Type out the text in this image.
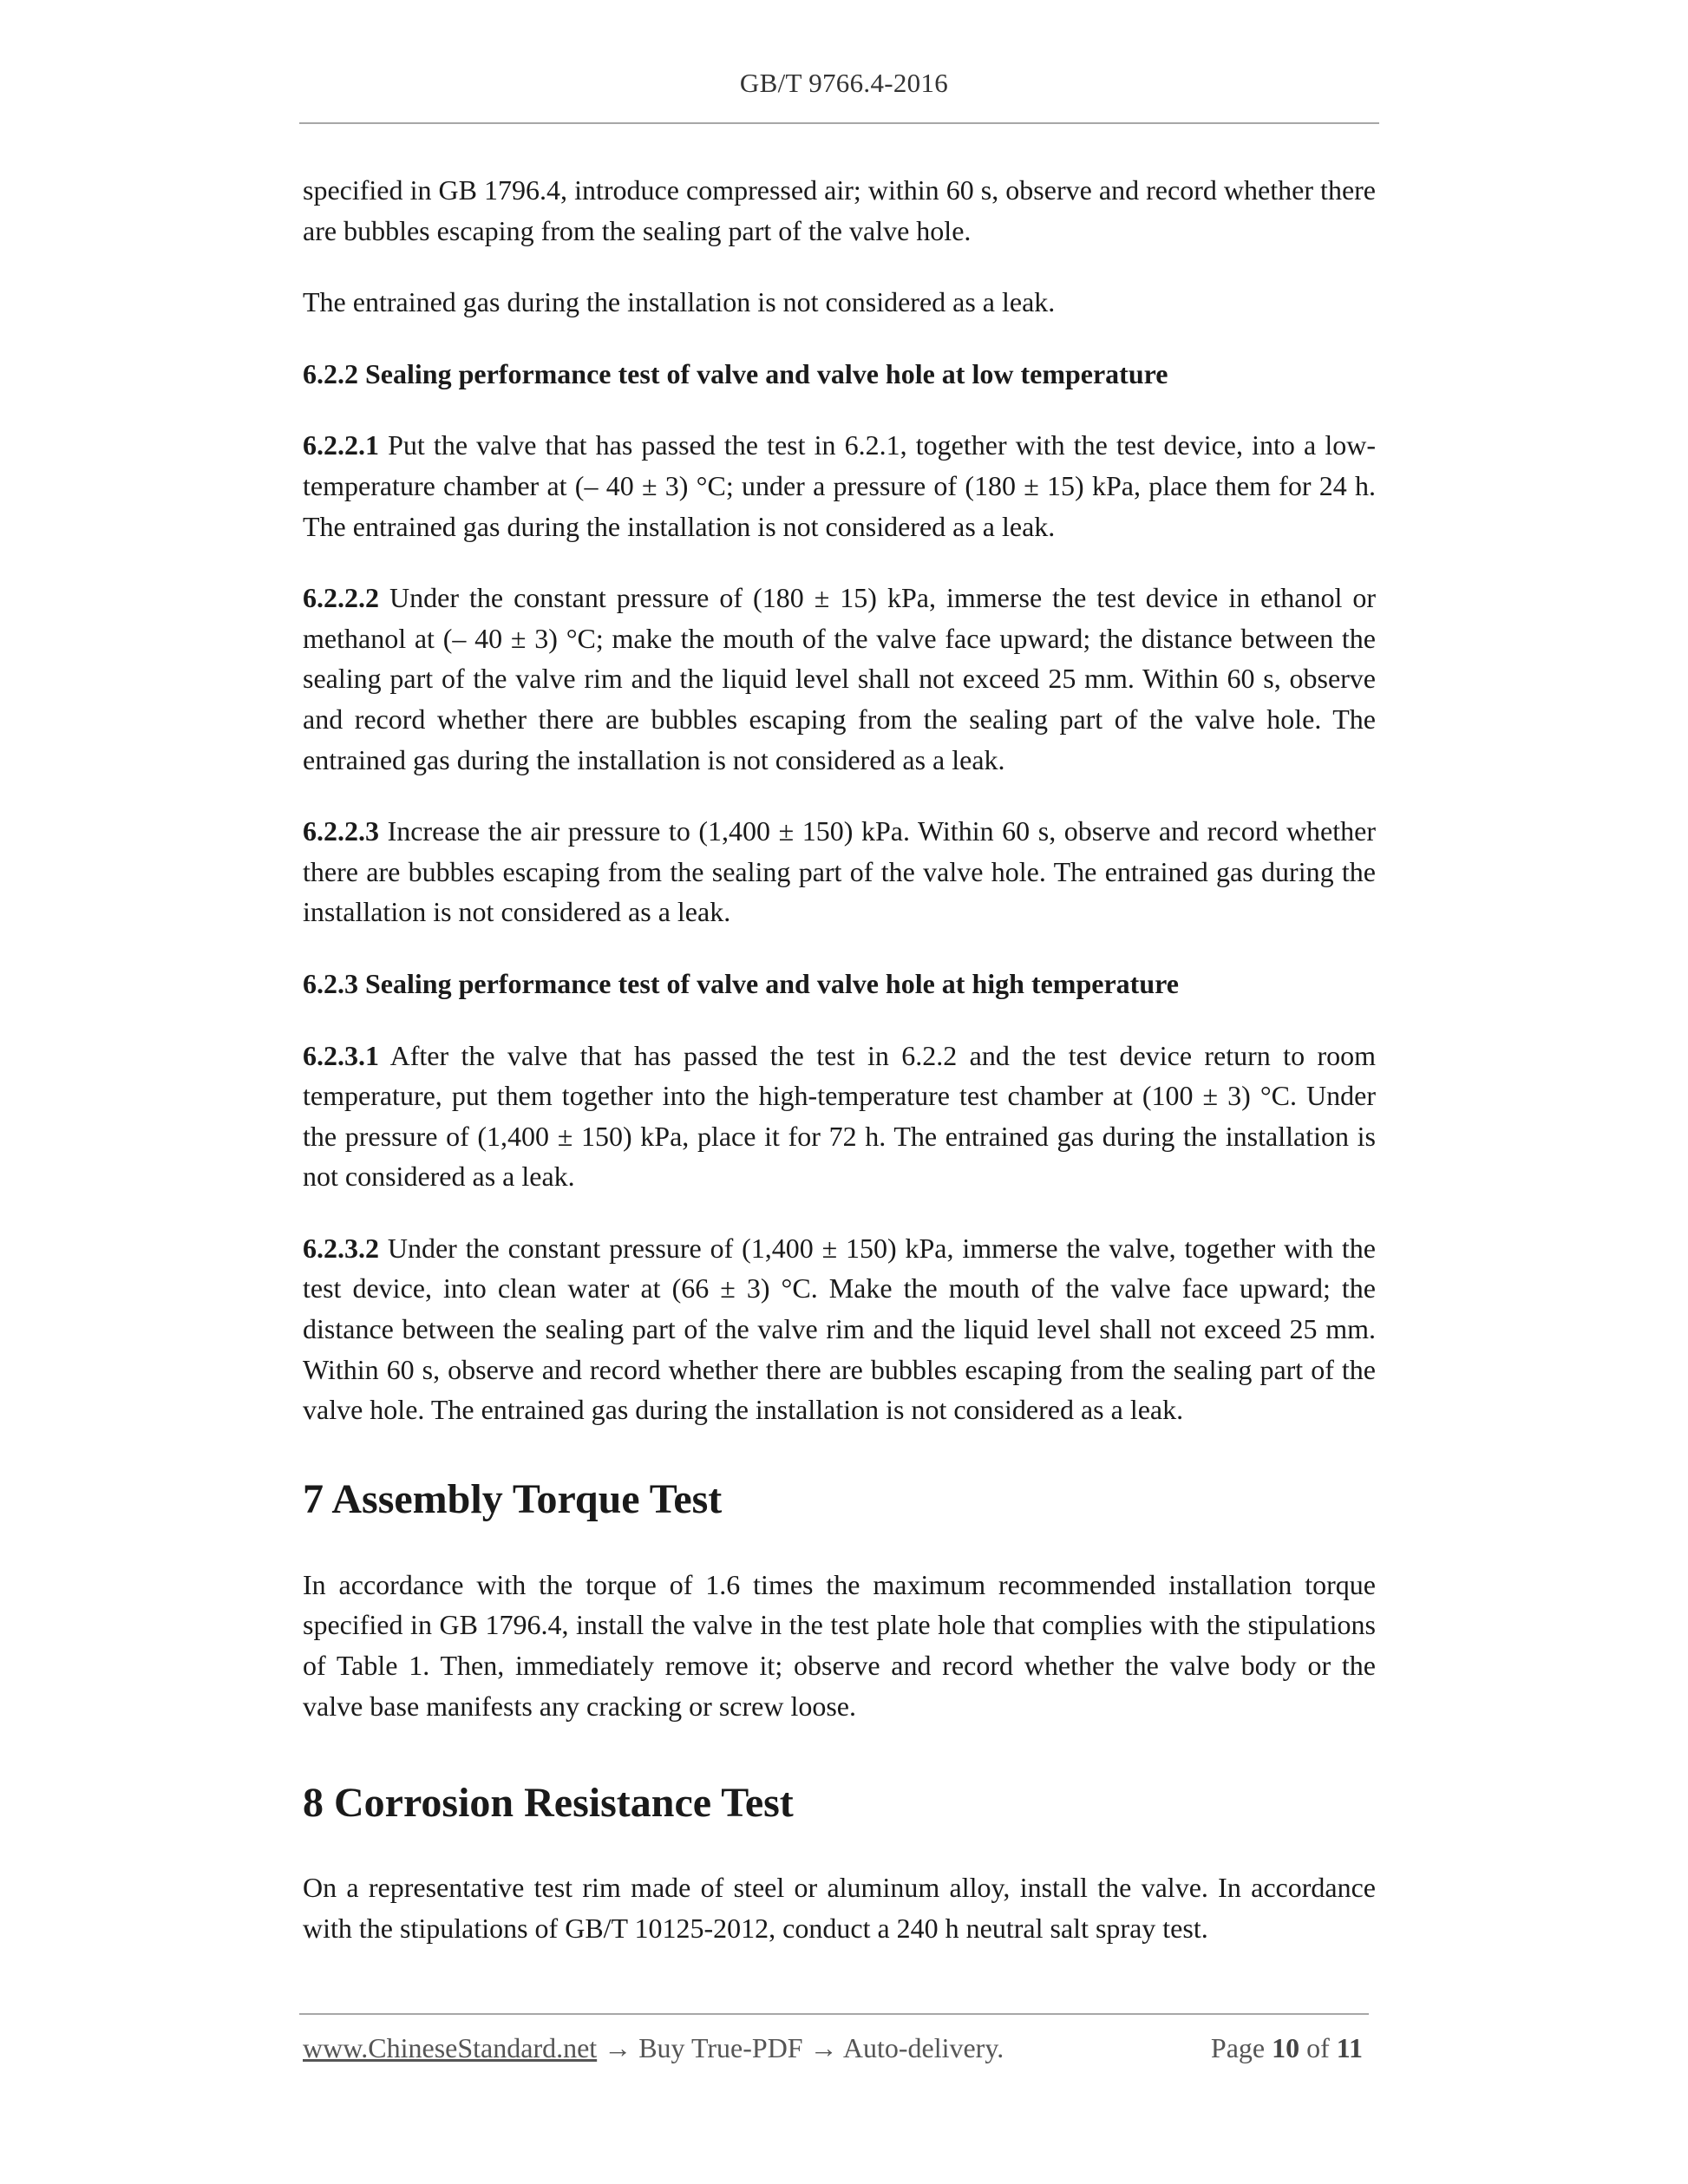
GB/T 9766.4-2016

specified in GB 1796.4, introduce compressed air; within 60 s, observe and record whether there are bubbles escaping from the sealing part of the valve hole.

The entrained gas during the installation is not considered as a leak.

6.2.2 Sealing performance test of valve and valve hole at low temperature

6.2.2.1 Put the valve that has passed the test in 6.2.1, together with the test device, into a low-temperature chamber at (– 40 ± 3) °C; under a pressure of (180 ± 15) kPa, place them for 24 h. The entrained gas during the installation is not considered as a leak.

6.2.2.2 Under the constant pressure of (180 ± 15) kPa, immerse the test device in ethanol or methanol at (– 40 ± 3) °C; make the mouth of the valve face upward; the distance between the sealing part of the valve rim and the liquid level shall not exceed 25 mm. Within 60 s, observe and record whether there are bubbles escaping from the sealing part of the valve hole. The entrained gas during the installation is not considered as a leak.

6.2.2.3 Increase the air pressure to (1,400 ± 150) kPa. Within 60 s, observe and record whether there are bubbles escaping from the sealing part of the valve hole. The entrained gas during the installation is not considered as a leak.

6.2.3 Sealing performance test of valve and valve hole at high temperature

6.2.3.1 After the valve that has passed the test in 6.2.2 and the test device return to room temperature, put them together into the high-temperature test chamber at (100 ± 3) °C. Under the pressure of (1,400 ± 150) kPa, place it for 72 h. The entrained gas during the installation is not considered as a leak.

6.2.3.2 Under the constant pressure of (1,400 ± 150) kPa, immerse the valve, together with the test device, into clean water at (66 ± 3) °C. Make the mouth of the valve face upward; the distance between the sealing part of the valve rim and the liquid level shall not exceed 25 mm. Within 60 s, observe and record whether there are bubbles escaping from the sealing part of the valve hole. The entrained gas during the installation is not considered as a leak.

7 Assembly Torque Test

In accordance with the torque of 1.6 times the maximum recommended installation torque specified in GB 1796.4, install the valve in the test plate hole that complies with the stipulations of Table 1. Then, immediately remove it; observe and record whether the valve body or the valve base manifests any cracking or screw loose.

8 Corrosion Resistance Test

On a representative test rim made of steel or aluminum alloy, install the valve. In accordance with the stipulations of GB/T 10125-2012, conduct a 240 h neutral salt spray test.

www.ChineseStandard.net → Buy True-PDF → Auto-delivery.	Page 10 of 11
